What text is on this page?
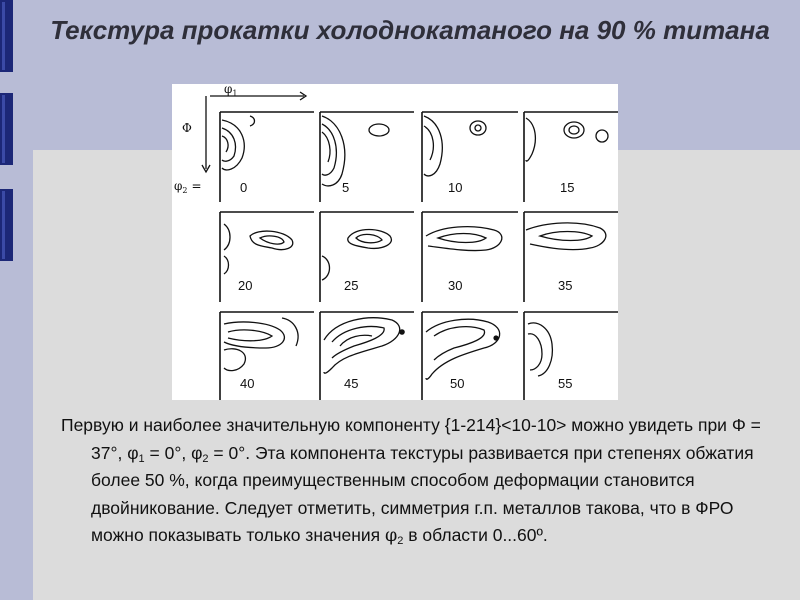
Текстура прокатки холоднокатаного на 90 % титана
$\varphi_1$
Φ
$\varphi_2$ =	0	5	10	15
20	25	30	35
40	45	50	55
Первую и наиболее значительную компоненту {1-214}<10-10> можно увидеть при Φ = 37°, $\varphi_1 = 0^\circ$, $\varphi_2 = 0^\circ$. Эта компонента текстуры развивается при степенях обжатия более 50 %, когда преимущественным способом деформации становится двойникование. Следует отметить, симметрия г.п. металлов такова, что в ФРО можно показывать только значения $\varphi_2$ в области 0...60º.
